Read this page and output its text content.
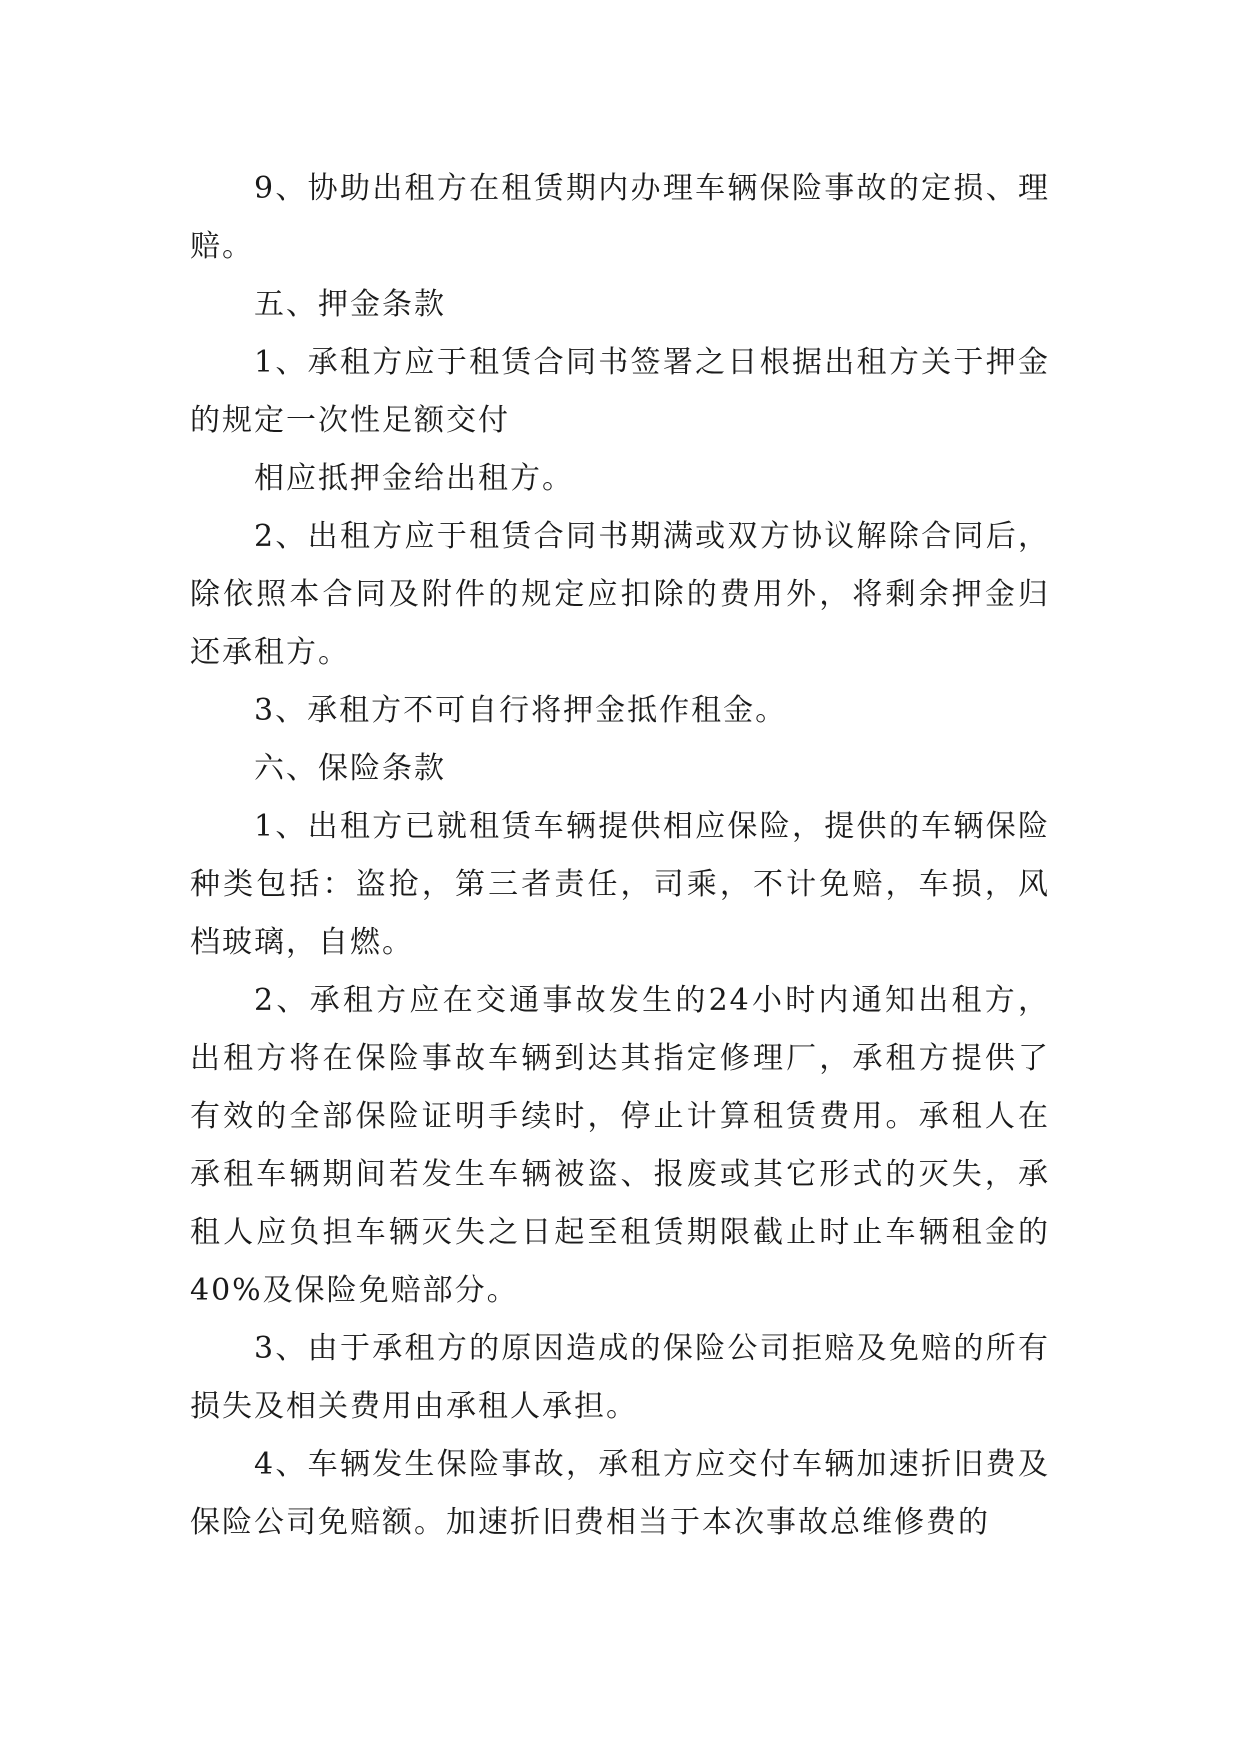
9、协助出租方在租赁期内办理车辆保险事故的定损、理赔。

五、押金条款

1、承租方应于租赁合同书签署之日根据出租方关于押金的规定一次性足额交付

相应抵押金给出租方。

2、出租方应于租赁合同书期满或双方协议解除合同后，除依照本合同及附件的规定应扣除的费用外，将剩余押金归还承租方。

3、承租方不可自行将押金抵作租金。

六、保险条款

1、出租方已就租赁车辆提供相应保险，提供的车辆保险种类包括：盗抢，第三者责任，司乘，不计免赔，车损，风档玻璃，自燃。

2、承租方应在交通事故发生的24小时内通知出租方，出租方将在保险事故车辆到达其指定修理厂，承租方提供了有效的全部保险证明手续时，停止计算租赁费用。承租人在承租车辆期间若发生车辆被盗、报废或其它形式的灭失，承租人应负担车辆灭失之日起至租赁期限截止时止车辆租金的40%及保险免赔部分。

3、由于承租方的原因造成的保险公司拒赔及免赔的所有损失及相关费用由承租人承担。

4、车辆发生保险事故，承租方应交付车辆加速折旧费及保险公司免赔额。加速折旧费相当于本次事故总维修费的
